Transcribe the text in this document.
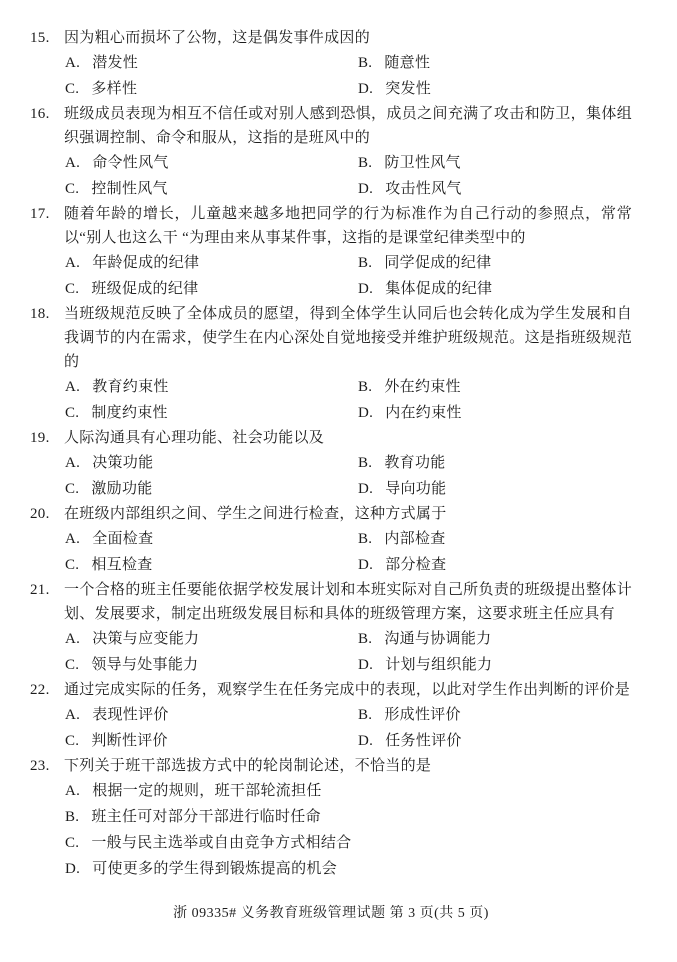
15. 因为粗心而损坏了公物，这是偶发事件成因的
A. 潜发性	B. 随意性
C. 多样性	D. 突发性
16. 班级成员表现为相互不信任或对别人感到恐惧，成员之间充满了攻击和防卫，集体组织强调控制、命令和服从，这指的是班风中的
A. 命令性风气	B. 防卫性风气
C. 控制性风气	D. 攻击性风气
17. 随着年龄的增长，儿童越来越多地把同学的行为标准作为自己行动的参照点，常常以“别人也这么干 “为理由来从事某件事，这指的是课堂纪律类型中的
A. 年龄促成的纪律	B. 同学促成的纪律
C. 班级促成的纪律	D. 集体促成的纪律
18. 当班级规范反映了全体成员的愿望，得到全体学生认同后也会转化成为学生发展和自我调节的内在需求，使学生在内心深处自觉地接受并维护班级规范。这是指班级规范的
A. 教育约束性	B. 外在约束性
C. 制度约束性	D. 内在约束性
19. 人际沟通具有心理功能、社会功能以及
A. 决策功能	B. 教育功能
C. 激励功能	D. 导向功能
20. 在班级内部组织之间、学生之间进行检查，这种方式属于
A. 全面检查	B. 内部检查
C. 相互检查	D. 部分检查
21. 一个合格的班主任要能依据学校发展计划和本班实际对自己所负责的班级提出整体计划、发展要求，制定出班级发展目标和具体的班级管理方案，这要求班主任应具有
A. 决策与应变能力	B. 沟通与协调能力
C. 领导与处事能力	D. 计划与组织能力
22. 通过完成实际的任务，观察学生在任务完成中的表现，以此对学生作出判断的评价是
A. 表现性评价	B. 形成性评价
C. 判断性评价	D. 任务性评价
23. 下列关于班干部选拔方式中的轮岗制论述，不恰当的是
A. 根据一定的规则，班干部轮流担任
B. 班主任可对部分干部进行临时任命
C. 一般与民主选举或自由竞争方式相结合
D. 可使更多的学生得到锻炼提高的机会
浙 09335# 义务教育班级管理试题 第 3 页(共 5 页)
